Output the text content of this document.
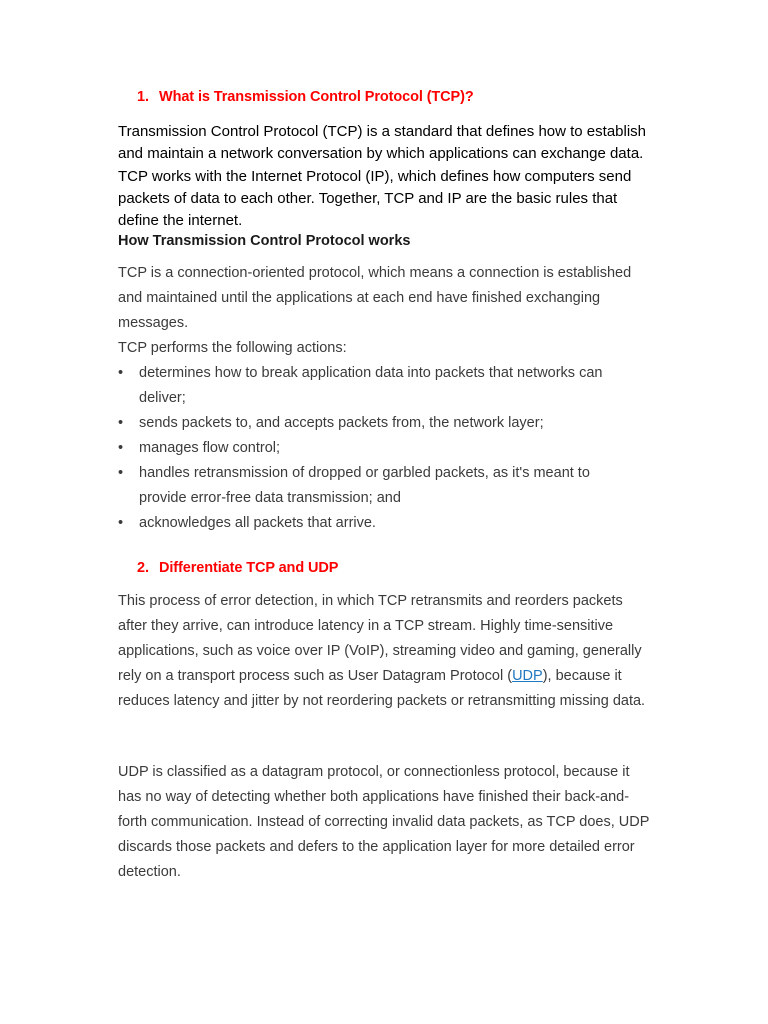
1. What is Transmission Control Protocol (TCP)?

Transmission Control Protocol (TCP) is a standard that defines how to establish and maintain a network conversation by which applications can exchange data. TCP works with the Internet Protocol (IP), which defines how computers send packets of data to each other. Together, TCP and IP are the basic rules that define the internet.

How Transmission Control Protocol works

TCP is a connection-oriented protocol, which means a connection is established and maintained until the applications at each end have finished exchanging messages.

TCP performs the following actions:

•	determines how to break application data into packets that networks can deliver;
•	sends packets to, and accepts packets from, the network layer;
•	manages flow control;
•	handles retransmission of dropped or garbled packets, as it's meant to provide error-free data transmission; and
•	acknowledges all packets that arrive.
2. Differentiate TCP and UDP

This process of error detection, in which TCP retransmits and reorders packets after they arrive, can introduce latency in a TCP stream. Highly time-sensitive applications, such as voice over IP (VoIP), streaming video and gaming, generally rely on a transport process such as User Datagram Protocol (UDP), because it reduces latency and jitter by not reordering packets or retransmitting missing data.

UDP is classified as a datagram protocol, or connectionless protocol, because it has no way of detecting whether both applications have finished their back-and-forth communication. Instead of correcting invalid data packets, as TCP does, UDP discards those packets and defers to the application layer for more detailed error detection.
